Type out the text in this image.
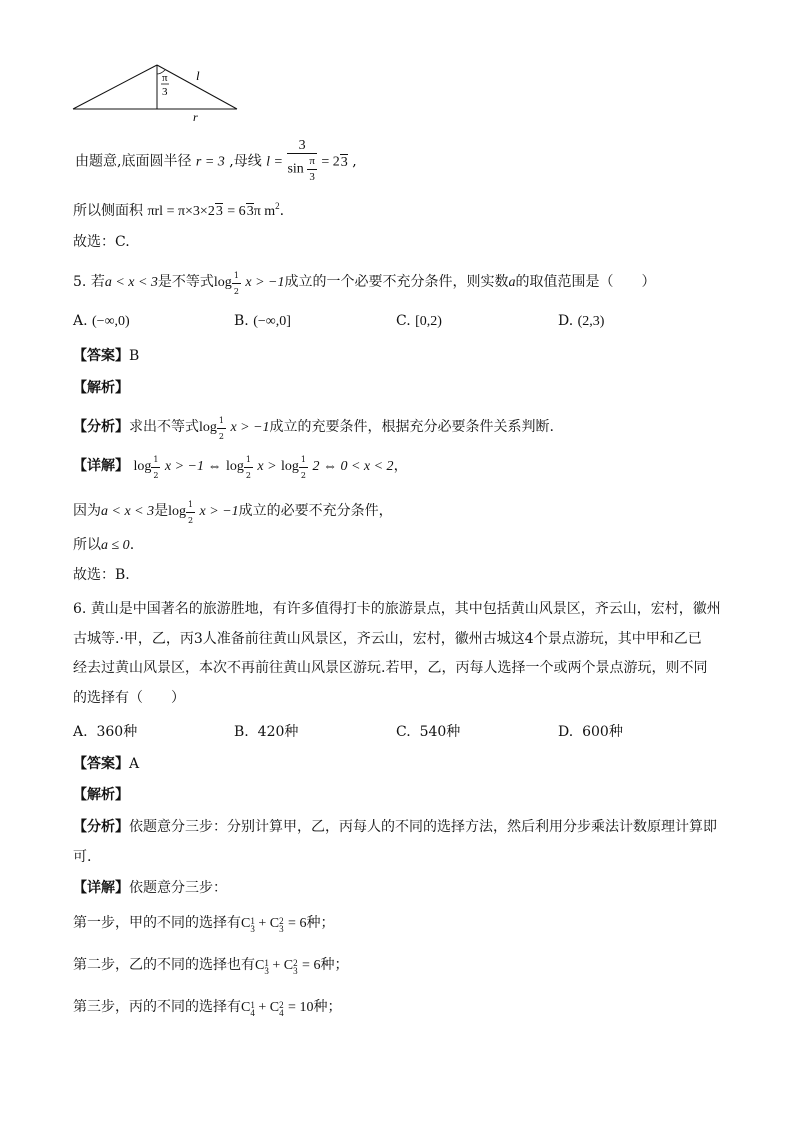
π
3
l
r
由题意,底面圆半径 r = 3 ,母线 $l = \frac{3}{\sin \frac{\pi}{3}} = 23$ ,
所以侧面积 πrl = π×3×23 = 63π $m^2$.
故选：C.
5. 若a < x < 3是不等式$\log \frac{1}{2}$ x > −1成立的一个必要不充分条件，则实数a的取值范围是（　　）
A. (−∞,0)	B. (−∞,0]	C. [0,2)	D. (2,3)
【答案】B
【解析】
【分析】求出不等式$\log \frac{1}{2}$ x > −1成立的充要条件，根据充分必要条件关系判断.
【详解】 $\log \frac{1}{2}$ x > −1 ⇔ $\log \frac{1}{2}$ $x > \log \frac{1}{2} 2$ ⇔ 0 < x < 2，
因为a < x < 3是$\log \frac{1}{2}$ x > −1成立的必要不充分条件，
所以a ≤ 0.
故选：B.
6. 黄山是中国著名的旅游胜地，有许多值得打卡的旅游景点，其中包括黄山风景区，齐云山，宏村，徽州
古城等.·甲，乙，丙3人准备前往黄山风景区，齐云山，宏村，徽州古城这4个景点游玩，其中甲和乙已
经去过黄山风景区，本次不再前往黄山风景区游玩.若甲，乙，丙每人选择一个或两个景点游玩，则不同
的选择有（　　）
A. 360种	B. 420种	C. 540种	D. 600种
【答案】A
【解析】
【分析】依题意分三步：分别计算甲，乙，丙每人的不同的选择方法，然后利用分步乘法计数原理计算即
可.
【详解】依题意分三步：
第一步，甲的不同的选择有C $_{1 3}$ + C $_{2 3}$ = 6种；
第二步，乙的不同的选择也有C $_{1 3}$ + C $_{2 3}$ = 6种；
第三步，丙的不同的选择有C $_{1 4}$ + C $_{2 4}$ = 10种；
